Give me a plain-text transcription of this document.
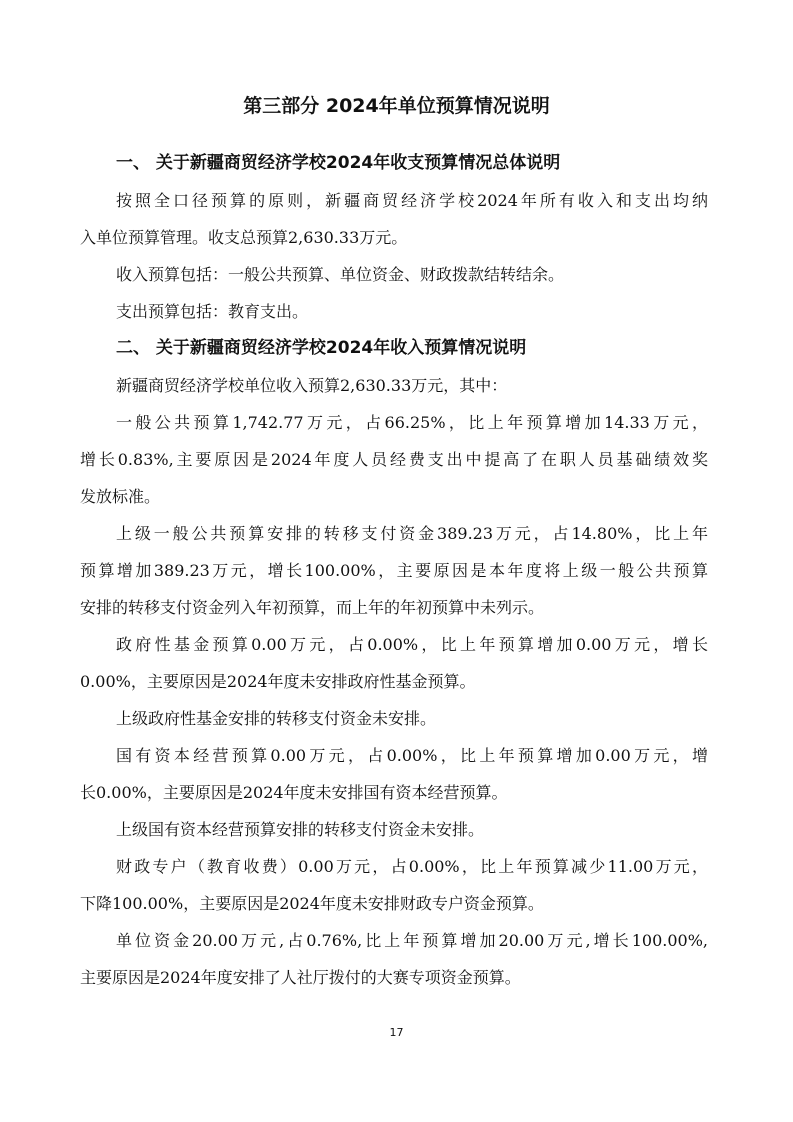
第三部分 2024年单位预算情况说明
一、 关于新疆商贸经济学校2024年收支预算情况总体说明
按照全口径预算的原则，新疆商贸经济学校2024年所有收入和支出均纳
入单位预算管理。收支总预算2,630.33万元。
收入预算包括：一般公共预算、单位资金、财政拨款结转结余。
支出预算包括：教育支出。
二、 关于新疆商贸经济学校2024年收入预算情况说明
新疆商贸经济学校单位收入预算2,630.33万元，其中：
一般公共预算1,742.77万元，占66.25%，比上年预算增加14.33万元，
增长0.83%,主要原因是2024年度人员经费支出中提高了在职人员基础绩效奖
发放标准。
上级一般公共预算安排的转移支付资金389.23万元，占14.80%，比上年
预算增加389.23万元，增长100.00%，主要原因是本年度将上级一般公共预算
安排的转移支付资金列入年初预算，而上年的年初预算中未列示。
政府性基金预算0.00万元，占0.00%，比上年预算增加0.00万元，增长
0.00%，主要原因是2024年度未安排政府性基金预算。
上级政府性基金安排的转移支付资金未安排。
国有资本经营预算0.00万元，占0.00%，比上年预算增加0.00万元，增
长0.00%，主要原因是2024年度未安排国有资本经营预算。
上级国有资本经营预算安排的转移支付资金未安排。
财政专户（教育收费）0.00万元，占0.00%，比上年预算减少11.00万元，
下降100.00%，主要原因是2024年度未安排财政专户资金预算。
单位资金20.00万元,占0.76%,比上年预算增加20.00万元,增长100.00%,
主要原因是2024年度安排了人社厅拨付的大赛专项资金预算。
17
